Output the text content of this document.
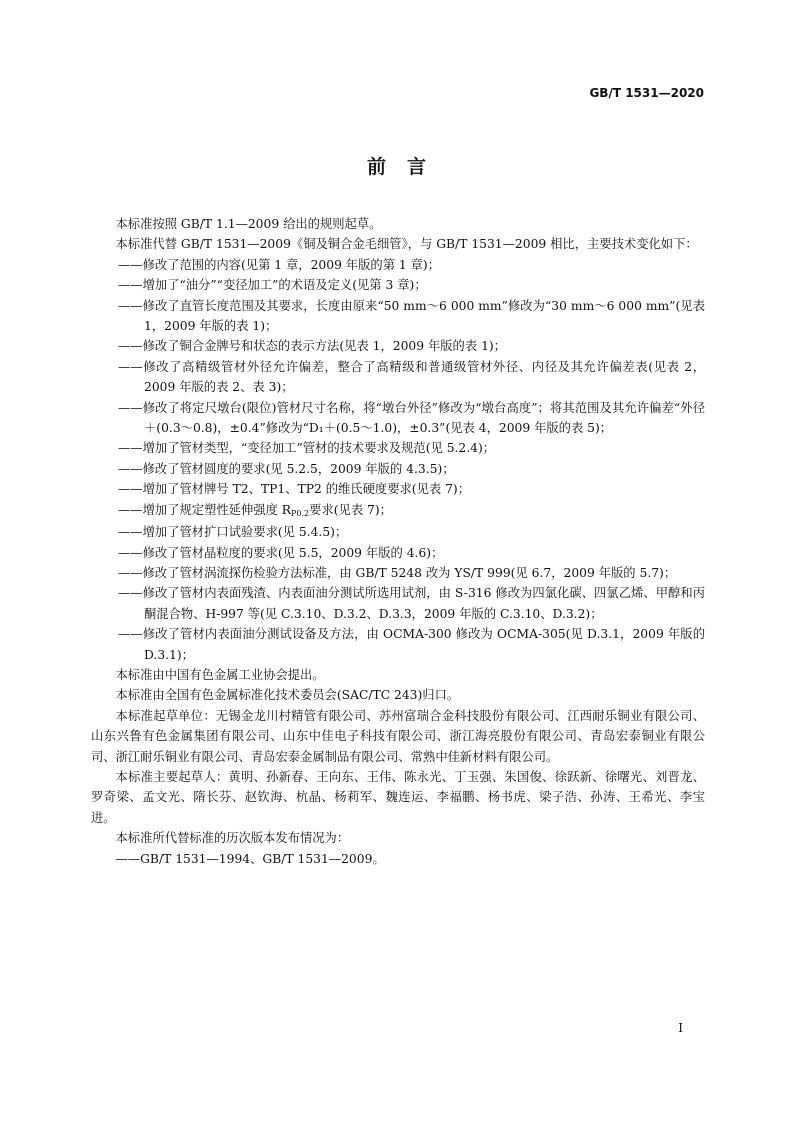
GB/T 1531—2020
前　言

本标准按照 GB/T 1.1—2009 给出的规则起草。

本标准代替 GB/T 1531—2009《铜及铜合金毛细管》，与 GB/T 1531—2009 相比，主要技术变化如下：

——修改了范围的内容(见第 1 章，2009 年版的第 1 章)；

——增加了“油分”“变径加工”的术语及定义(见第 3 章)；

——修改了直管长度范围及其要求，长度由原来“50 mm～6 000 mm”修改为“30 mm～6 000 mm”(见表 1，2009 年版的表 1)；

——修改了铜合金牌号和状态的表示方法(见表 1，2009 年版的表 1)；

——修改了高精级管材外径允许偏差，整合了高精级和普通级管材外径、内径及其允许偏差表(见表 2，2009 年版的表 2、表 3)；

——修改了将定尺墩台(限位)管材尺寸名称，将“墩台外径”修改为“墩台高度”；将其范围及其允许偏差“外径＋(0.3～0.8)，±0.4”修改为“D₁＋(0.5～1.0)，±0.3”(见表 4，2009 年版的表 5)；

——增加了管材类型，“变径加工”管材的技术要求及规范(见 5.2.4)；

——修改了管材圆度的要求(见 5.2.5，2009 年版的 4.3.5)；

——增加了管材牌号 T2、TP1、TP2 的维氏硬度要求(见表 7)；

——增加了规定塑性延伸强度 RP0.2要求(见表 7)；

——增加了管材扩口试验要求(见 5.4.5)；

——修改了管材晶粒度的要求(见 5.5，2009 年版的 4.6)；

——修改了管材涡流探伤检验方法标准，由 GB/T 5248 改为 YS/T 999(见 6.7，2009 年版的 5.7)；

——修改了管材内表面残渣、内表面油分测试所选用试剂，由 S-316 修改为四氯化碳、四氯乙烯、甲醇和丙酮混合物、H-997 等(见 C.3.10、D.3.2、D.3.3，2009 年版的 C.3.10、D.3.2)；

——修改了管材内表面油分测试设备及方法，由 OCMA-300 修改为 OCMA-305(见 D.3.1，2009 年版的 D.3.1)；

本标准由中国有色金属工业协会提出。

本标准由全国有色金属标准化技术委员会(SAC/TC 243)归口。

本标准起草单位：无锡金龙川村精管有限公司、苏州富瑞合金科技股份有限公司、江西耐乐铜业有限公司、山东兴鲁有色金属集团有限公司、山东中佳电子科技有限公司、浙江海亮股份有限公司、青岛宏泰铜业有限公司、浙江耐乐铜业有限公司、青岛宏泰金属制品有限公司、常熟中佳新材料有限公司。

本标准主要起草人：黄明、孙新春、王向东、王伟、陈永光、丁玉强、朱国俊、徐跃新、徐曙光、刘晋龙、罗奇梁、孟文光、隋长芬、赵钦海、杭晶、杨莉军、魏连运、李福鹏、杨书虎、梁子浩、孙涛、王希光、李宝进。

本标准所代替标准的历次版本发布情况为：

——GB/T 1531—1994、GB/T 1531—2009。

I
